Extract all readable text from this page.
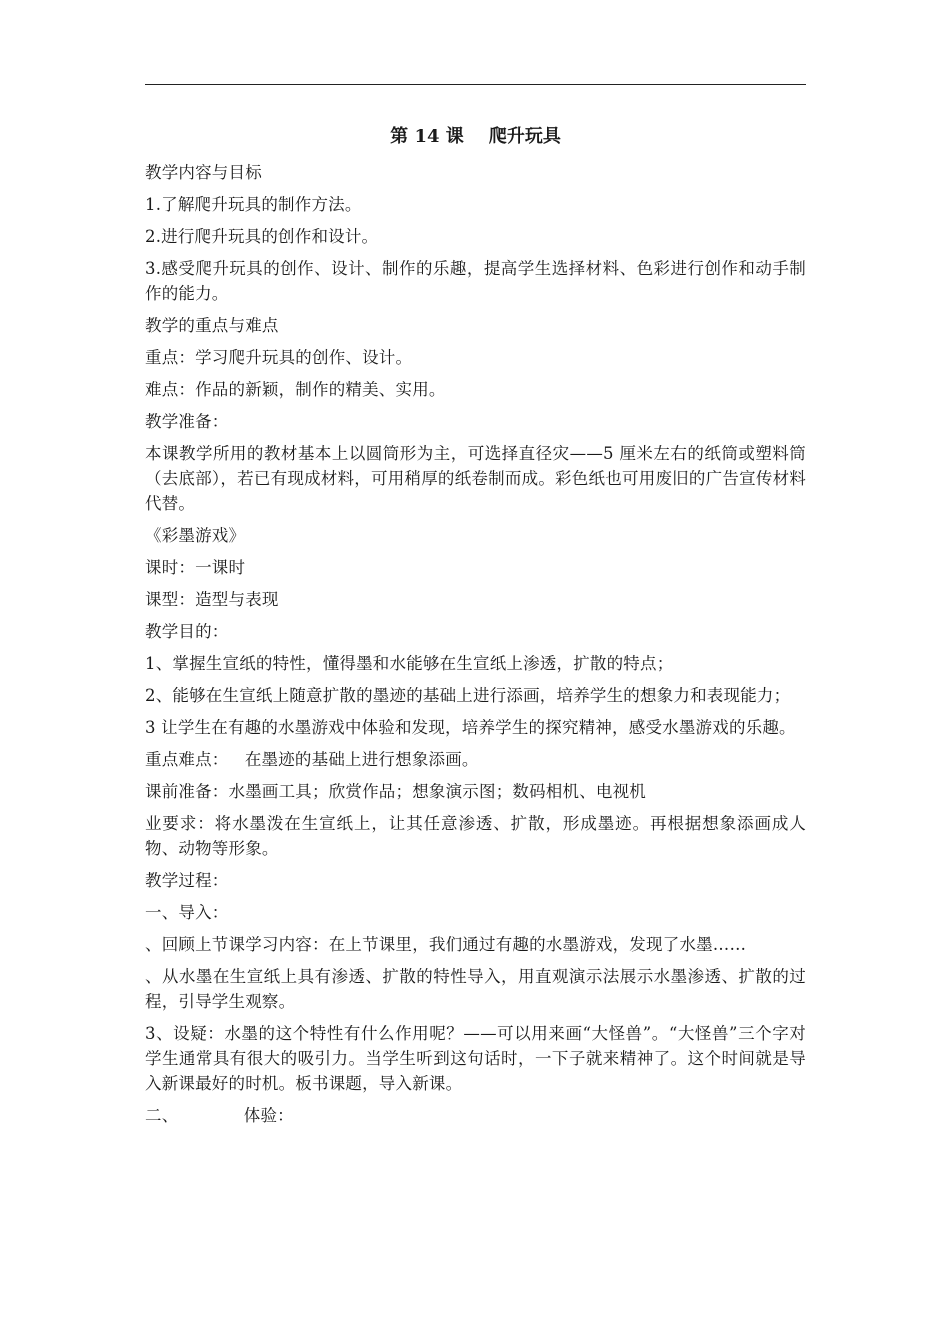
第 14 课    爬升玩具
教学内容与目标
1.了解爬升玩具的制作方法。
2.进行爬升玩具的创作和设计。
3.感受爬升玩具的创作、设计、制作的乐趣，提高学生选择材料、色彩进行创作和动手制作的能力。
教学的重点与难点
重点：学习爬升玩具的创作、设计。
难点：作品的新颖，制作的精美、实用。
教学准备：
本课教学所用的教材基本上以圆筒形为主，可选择直径灾——5 厘米左右的纸筒或塑料筒（去底部），若已有现成材料，可用稍厚的纸卷制而成。彩色纸也可用废旧的广告宣传材料代替。
《彩墨游戏》
课时：一课时
课型：造型与表现
教学目的：
1、掌握生宣纸的特性，懂得墨和水能够在生宣纸上渗透，扩散的特点；
2、能够在生宣纸上随意扩散的墨迹的基础上进行添画，培养学生的想象力和表现能力；
3 让学生在有趣的水墨游戏中体验和发现，培养学生的探究精神，感受水墨游戏的乐趣。
重点难点：   在墨迹的基础上进行想象添画。
课前准备：水墨画工具；欣赏作品；想象演示图；数码相机、电视机
业要求：将水墨泼在生宣纸上，让其任意渗透、扩散，形成墨迹。再根据想象添画成人物、动物等形象。
教学过程：
一、导入：
、回顾上节课学习内容：在上节课里，我们通过有趣的水墨游戏，发现了水墨……
、从水墨在生宣纸上具有渗透、扩散的特性导入，用直观演示法展示水墨渗透、扩散的过程，引导学生观察。
3、设疑：水墨的这个特性有什么作用呢？——可以用来画“大怪兽”。“大怪兽”三个字对学生通常具有很大的吸引力。当学生听到这句话时，一下子就来精神了。这个时间就是导入新课最好的时机。板书课题，导入新课。
二、            体验：
